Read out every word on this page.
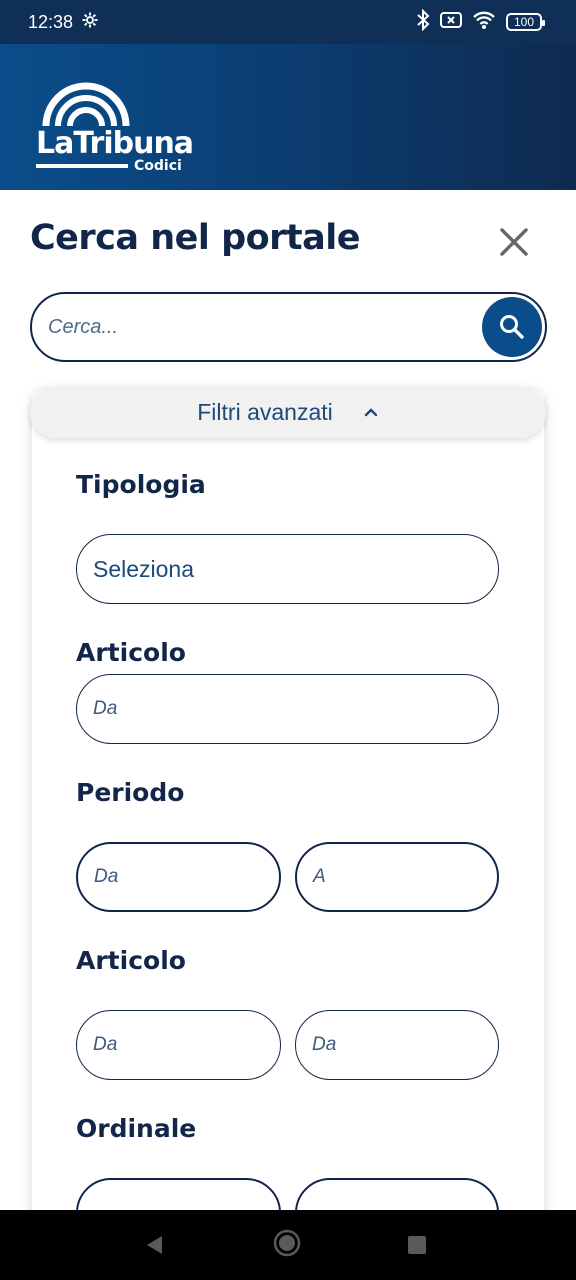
12:38	100
LaTribuna
Codici
Cerca nel portale
Cerca...
Filtri avanzati
Tipologia
Seleziona
Articolo
Da
Periodo
Da	A
Articolo
Da	Da
Ordinale
